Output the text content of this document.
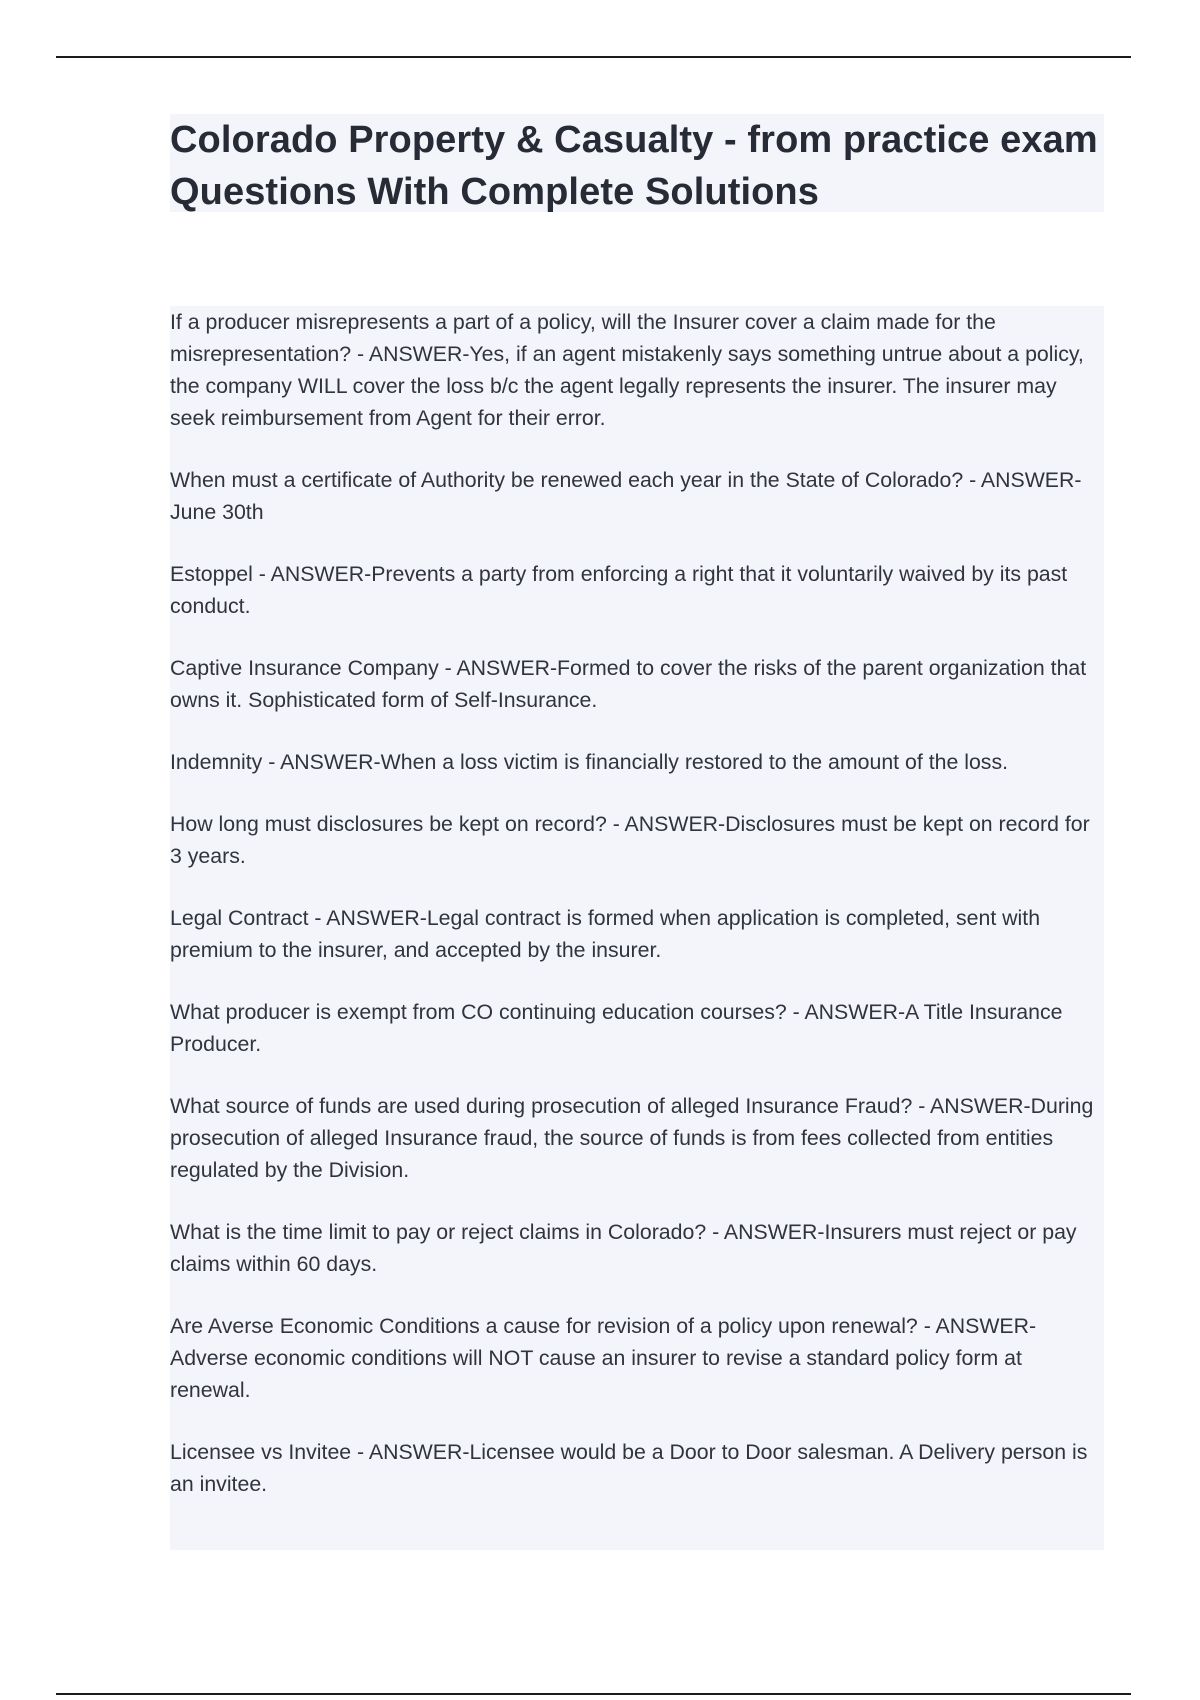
Colorado Property & Casualty - from practice exam Questions With Complete Solutions

If a producer misrepresents a part of a policy, will the Insurer cover a claim made for the misrepresentation? - ANSWER-Yes, if an agent mistakenly says something untrue about a policy, the company WILL cover the loss b/c the agent legally represents the insurer. The insurer may seek reimbursement from Agent for their error.

When must a certificate of Authority be renewed each year in the State of Colorado? - ANSWER-June 30th

Estoppel - ANSWER-Prevents a party from enforcing a right that it voluntarily waived by its past conduct.

Captive Insurance Company - ANSWER-Formed to cover the risks of the parent organization that owns it. Sophisticated form of Self-Insurance.

Indemnity - ANSWER-When a loss victim is financially restored to the amount of the loss.

How long must disclosures be kept on record? - ANSWER-Disclosures must be kept on record for 3 years.

Legal Contract - ANSWER-Legal contract is formed when application is completed, sent with premium to the insurer, and accepted by the insurer.

What producer is exempt from CO continuing education courses? - ANSWER-A Title Insurance Producer.

What source of funds are used during prosecution of alleged Insurance Fraud? - ANSWER-During prosecution of alleged Insurance fraud, the source of funds is from fees collected from entities regulated by the Division.

What is the time limit to pay or reject claims in Colorado? - ANSWER-Insurers must reject or pay claims within 60 days.

Are Averse Economic Conditions a cause for revision of a policy upon renewal? - ANSWER-Adverse economic conditions will NOT cause an insurer to revise a standard policy form at renewal.

Licensee vs Invitee - ANSWER-Licensee would be a Door to Door salesman. A Delivery person is an invitee.
